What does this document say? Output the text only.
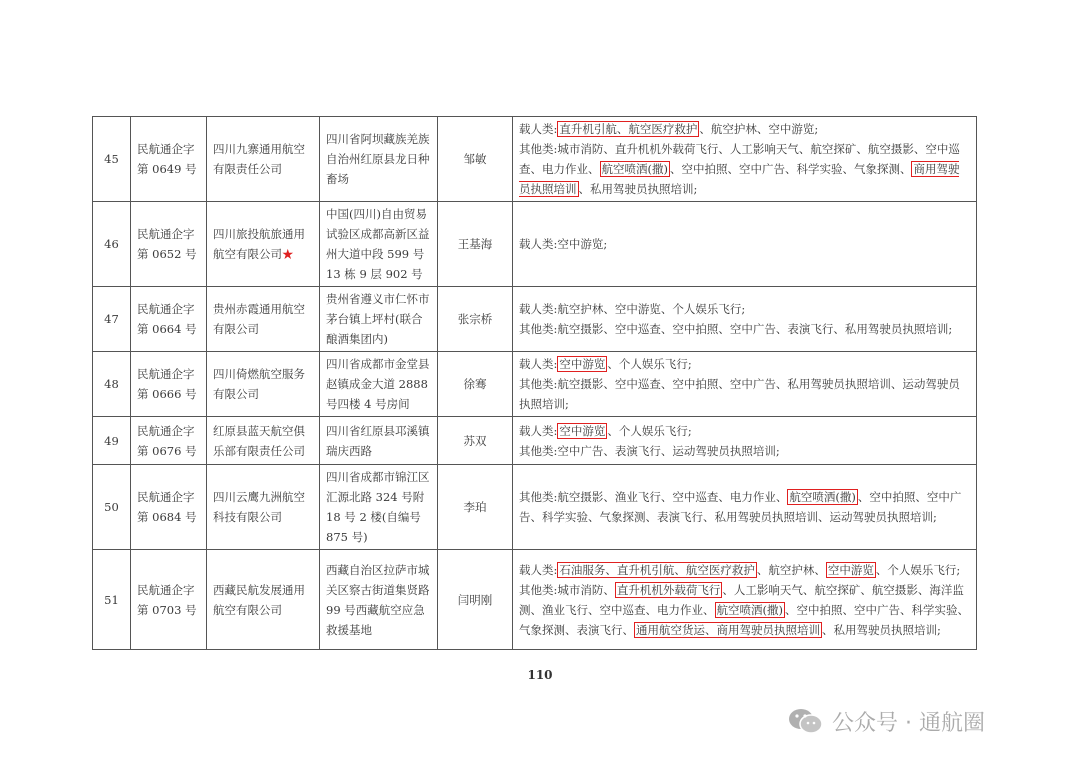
45	民航通企字第 0649 号	四川九寨通用航空有限责任公司	四川省阿坝藏族羌族自治州红原县龙日种畜场	邹敏	载人类: 直升机引航、航空医疗救护 、航空护林、空中游览;
其他类:城市消防、直升机机外载荷飞行、人工影响天气、航空探矿、航空摄影、空中巡查、电力作业、 航空喷洒(撒) 、空中拍照、空中广告、科学实验、气象探测、 商用驾驶员执照培训 、私用驾驶员执照培训;

46	民航通企字第 0652 号	四川旅投航旅通用航空有限公司★	中国(四川)自由贸易试验区成都高新区益州大道中段 599 号 13 栋 9 层 902 号	王基海	载人类:空中游览;

47	民航通企字第 0664 号	贵州赤霞通用航空有限公司	贵州省遵义市仁怀市茅台镇上坪村(联合酿酒集团内)	张宗桥	载人类:航空护林、空中游览、个人娱乐飞行;
其他类:航空摄影、空中巡查、空中拍照、空中广告、表演飞行、私用驾驶员执照培训;

48	民航通企字第 0666 号	四川倚燃航空服务有限公司	四川省成都市金堂县赵镇成金大道 2888 号四楼 4 号房间	徐骞	载人类: 空中游览 、个人娱乐飞行;
其他类:航空摄影、空中巡查、空中拍照、空中广告、私用驾驶员执照培训、运动驾驶员执照培训;

49	民航通企字第 0676 号	红原县蓝天航空俱乐部有限责任公司	四川省红原县邛溪镇瑞庆西路	苏双	载人类: 空中游览 、个人娱乐飞行;
其他类:空中广告、表演飞行、运动驾驶员执照培训;

50	民航通企字第 0684 号	四川云鹰九洲航空科技有限公司	四川省成都市锦江区汇源北路 324 号附 18 号 2 楼(自编号 875 号)	李珀	其他类:航空摄影、渔业飞行、空中巡查、电力作业、 航空喷洒(撒) 、空中拍照、空中广告、科学实验、气象探测、表演飞行、私用驾驶员执照培训、运动驾驶员执照培训;

51	民航通企字第 0703 号	西藏民航发展通用航空有限公司	西藏自治区拉萨市城关区察古街道集贤路 99 号西藏航空应急救援基地	闫明刚	载人类: 石油服务、直升机引航、航空医疗救护 、航空护林、 空中游览 、个人娱乐飞行;
其他类:城市消防、 直升机机外载荷飞行 、人工影响天气、航空探矿、航空摄影、海洋监测、渔业飞行、空中巡查、电力作业、 航空喷洒(撒) 、空中拍照、空中广告、科学实验、气象探测、表演飞行、 通用航空货运、商用驾驶员执照培训 、私用驾驶员执照培训;
110
公众号 · 通航圈
